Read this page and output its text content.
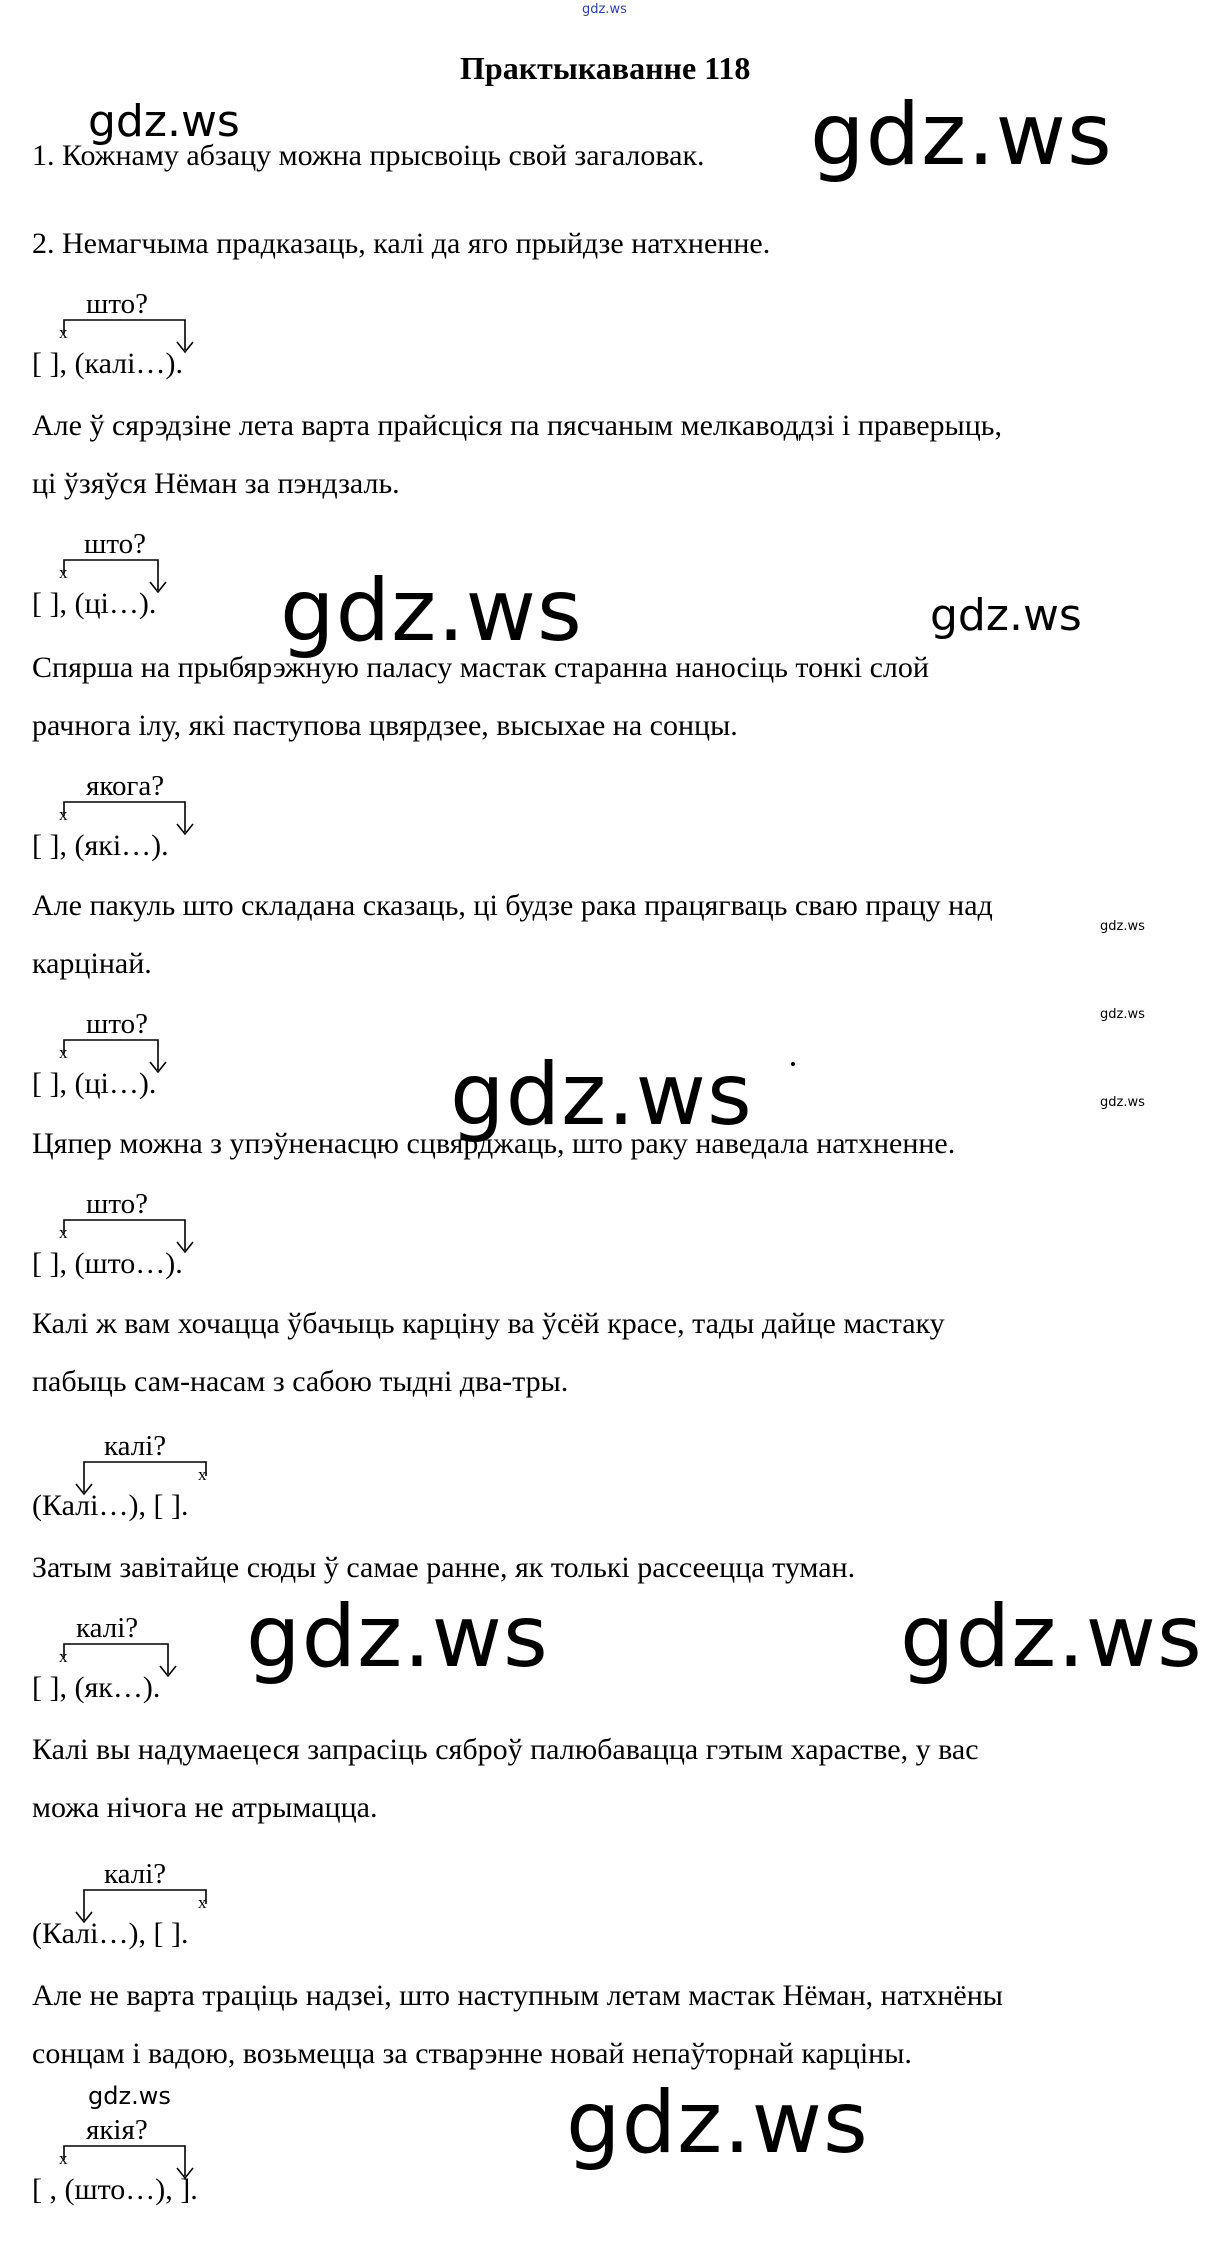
gdz.ws
Практыкаванне 118
gdz.ws	gdz.ws
1. Кожнаму абзацу можна прысвоіць свой загаловак.
2. Немагчыма прадказаць, калі да яго прыйдзе натхненне.
што?
x
[ ], (калі…).
Але ў сярэдзіне лета варта прайсціся па пясчаным мелкаводдзі і праверыць,
ці ўзяўся Нёман за пэндзаль.
што?
x
[ ], (ці…). gdz.ws	gdz.ws
Спярша на прыбярэжную паласу мастак старанна наносіць тонкі слой
рачнога ілу, які паступова цвярдзее, высыхае на сонцы.
якога?
x
[ ], (які…).
Але пакуль што складана сказаць, ці будзе рака працягваць сваю працу над
gdz.ws
карцінай.
што?
x
[ ], (ці…).
gdz.ws
gdz.ws
gdz.ws
Цяпер можна з упэўненасцю сцвярджаць, што раку наведала натхненне.
што?
x
[ ], (што…).
Калі ж вам хочацца ўбачыць карціну ва ўсёй красе, тады дайце мастаку
пабыць сам-насам з сабою тыдні два-тры.
калі?
x
(Калі…), [ ].
Затым завітайце сюды ў самае ранне, як толькі рассеецца туман.
калі?
x
[ ], (як…).
gdz.ws	gdz.ws
Калі вы надумаецеся запрасіць сяброў палюбавацца гэтым харастве, у вас
можа нічога не атрымацца.
калі?
x
(Калі…), [ ].
Але не варта траціць надзеі, што наступным летам мастак Нёман, натхнёны
сонцам і вадою, возьмецца за стварэнне новай непаўторнай карціны.
gdz.ws
якія?
x
[ , (што…), ].
gdz.ws
